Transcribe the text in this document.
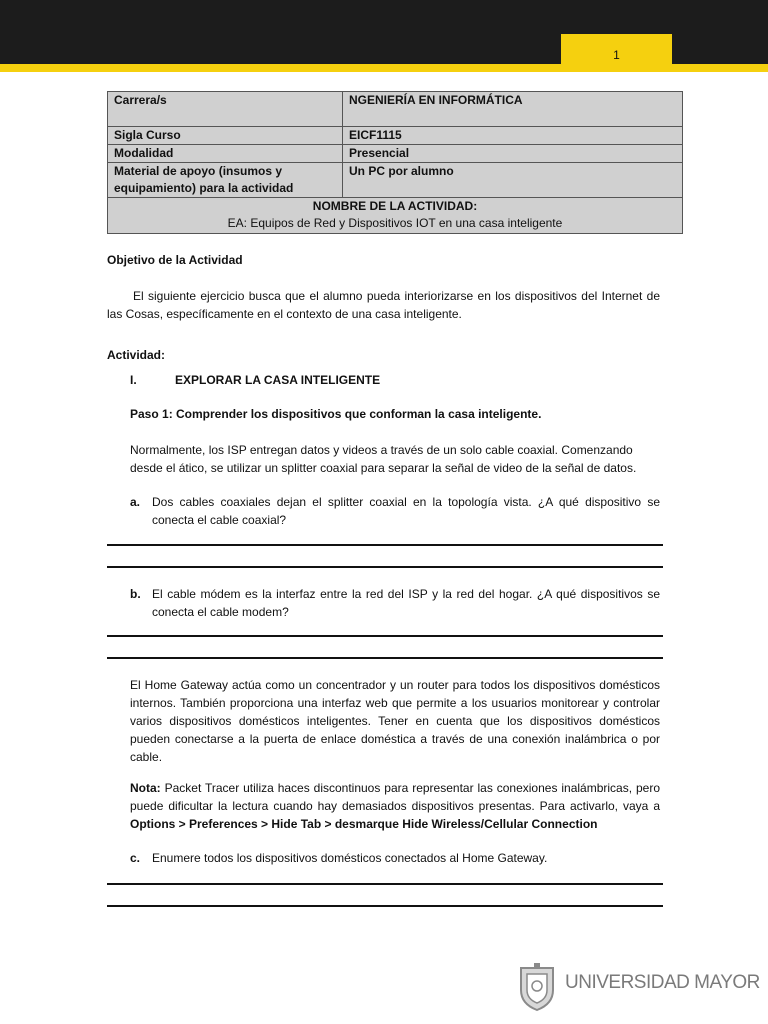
1
Carrera/s	NGENIERÍA EN INFORMÁTICA
Sigla Curso	EICF1115
Modalidad	Presencial
Material de apoyo (insumos y equipamiento) para la actividad	Un PC por alumno

NOMBRE DE LA ACTIVIDAD:
EA: Equipos de Red y Dispositivos IOT en una casa inteligente	
Objetivo de la Actividad
El siguiente ejercicio busca que el alumno pueda interiorizarse en los dispositivos del Internet de las Cosas, específicamente en el contexto de una casa inteligente.
Actividad:
I.	EXPLORAR LA CASA INTELIGENTE
Paso 1: Comprender los dispositivos que conforman la casa inteligente.
Normalmente, los ISP entregan datos y videos a través de un solo cable coaxial. Comenzando desde el ático, se utilizar un splitter coaxial para separar la señal de video de la señal de datos.
a. Dos cables coaxiales dejan el splitter coaxial en la topología vista. ¿A qué dispositivo se conecta el cable coaxial?
b. El cable módem es la interfaz entre la red del ISP y la red del hogar. ¿A qué dispositivos se conecta el cable modem?
El Home Gateway actúa como un concentrador y un router para todos los dispositivos domésticos internos. También proporciona una interfaz web que permite a los usuarios monitorear y controlar varios dispositivos domésticos inteligentes. Tener en cuenta que los dispositivos domésticos pueden conectarse a la puerta de enlace doméstica a través de una conexión inalámbrica o por cable.
Nota: Packet Tracer utiliza haces discontinuos para representar las conexiones inalámbricas, pero puede dificultar la lectura cuando hay demasiados dispositivos presentas. Para activarlo, vaya a Options > Preferences > Hide Tab > desmarque Hide Wireless/Cellular Connection
c. Enumere todos los dispositivos domésticos conectados al Home Gateway.
UNIVERSIDAD MAYOR
